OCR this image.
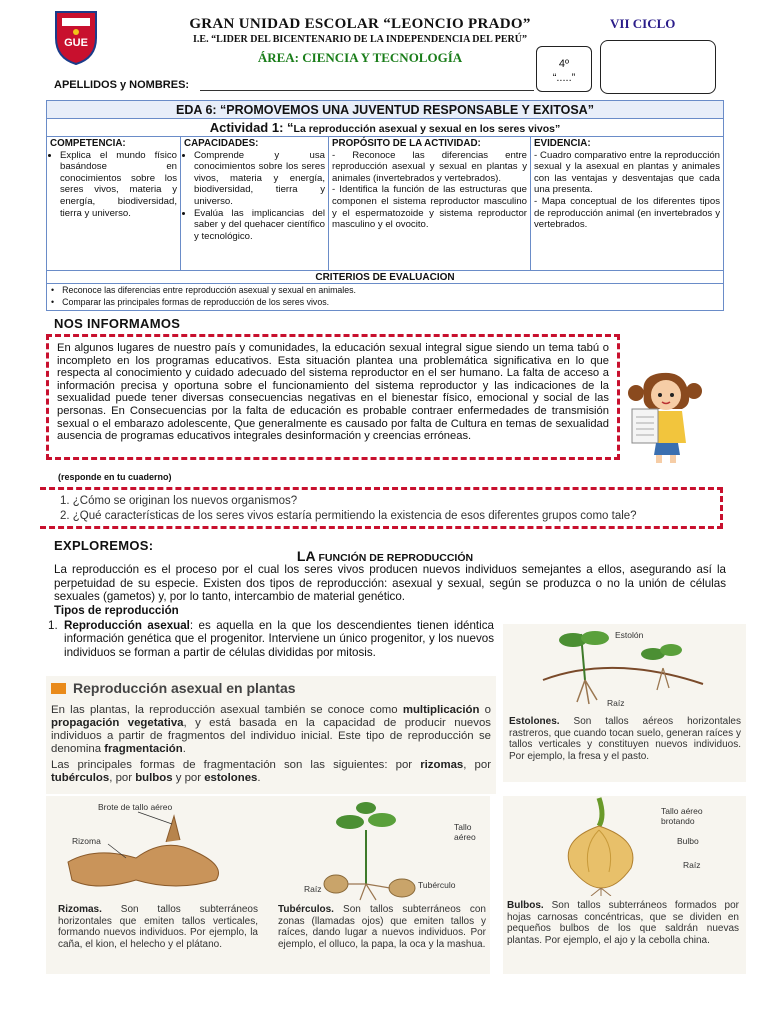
GUE
GRAN UNIDAD ESCOLAR “LEONCIO PRADO”
I.E. “LIDER DEL BICENTENARIO DE LA INDEPENDENCIA DEL PERÚ”
ÁREA: CIENCIA Y TECNOLOGÍA
VII CICLO
4º
“.....”
APELLIDOS y NOMBRES:
EDA 6: “PROMOVEMOS UNA JUVENTUD RESPONSABLE Y EXITOSA”
Actividad 1: “La reproducción asexual y sexual en los seres vivos”
COMPETENCIA:
• Explica el mundo físico basándose en conocimientos sobre los seres vivos, materia y energía, biodiversidad, tierra y universo.
CAPACIDADES:
• Comprende y usa conocimientos sobre los seres vivos, materia y energía, biodiversidad, tierra y universo.
• Evalúa las implicancias del saber y del quehacer científico y tecnológico.
PROPÓSITO DE LA ACTIVIDAD:
- Reconoce las diferencias entre reproducción asexual y sexual en plantas y animales (invertebrados y vertebrados).
- Identifica la función de las estructuras que componen el sistema reproductor masculino y el espermatozoide y sistema reproductor masculino y el ovocito.
EVIDENCIA:
- Cuadro comparativo entre la reproducción sexual y la asexual en plantas y animales con las ventajas y desventajas que cada una presenta.
- Mapa conceptual de los diferentes tipos de reproducción animal (en invertebrados y vertebrados.
CRITERIOS DE EVALUACION
• Reconoce las diferencias entre reproducción asexual y sexual en animales.
• Comparar las principales formas de reproducción de los seres vivos.
NOS INFORMAMOS
En algunos lugares de nuestro país y comunidades, la educación sexual integral sigue siendo un tema tabú o incompleto en los programas educativos. Esta situación plantea una problemática significativa en lo que respecta al conocimiento y cuidado adecuado del sistema reproductor en el ser humano. La falta de acceso a información precisa y oportuna sobre el funcionamiento del sistema reproductor y las indicaciones de la sexualidad puede tener diversas consecuencias negativas en el bienestar físico, emocional y social de las personas. En Consecuencias por la falta de educación es probable contraer enfermedades de transmisión sexual o el embarazo adolescente, Que generalmente es causado por falta de Cultura en temas de sexualidad ausencia de programas educativos integrales desinformación y creencias erróneas.
(responde en tu cuaderno)
1. ¿Cómo se originan los nuevos organismos?
2. ¿Qué características de los seres vivos estaría permitiendo la existencia de esos diferentes grupos como tale?
EXPLOREMOS:
LA FUNCIÓN DE REPRODUCCIÓN
La reproducción es el proceso por el cual los seres vivos producen nuevos individuos semejantes a ellos, asegurando así la perpetuidad de su especie. Existen dos tipos de reproducción: asexual y sexual, según se produzca o no la unión de células sexuales (gametos) y, por lo tanto, intercambio de material genético.
Tipos de reproducción
1. Reproducción asexual: es aquella en la que los descendientes tienen idéntica información genética que el progenitor. Interviene un único progenitor, y los nuevos individuos se forman a partir de células divididas por mitosis.
Estolón
Raíz
Estolones. Son tallos aéreos horizontales rastreros, que cuando tocan suelo, generan raíces y tallos verticales y constituyen nuevos individuos. Por ejemplo, la fresa y el pasto.
Reproducción asexual en plantas

En las plantas, la reproducción asexual también se conoce como multiplicación o propagación vegetativa, y está basada en la capacidad de producir nuevos individuos a partir de fragmentos del individuo inicial. Este tipo de reproducción se denomina fragmentación.

Las principales formas de fragmentación son las siguientes: por rizomas, por tubérculos, por bulbos y por estolones.

Brote de tallo aéreo
Rizoma
Tallo aéreo
Raíz	Tubérculo
Rizomas. Son tallos subterráneos horizontales que emiten tallos verticales, formando nuevos individuos. Por ejemplo, la caña, el kion, el helecho y el plátano.
Tubérculos. Son tallos subterráneos con zonas (llamadas ojos) que emiten tallos y raíces, dando lugar a nuevos individuos. Por ejemplo, el olluco, la papa, la oca y la mashua.
Tallo aéreo brotando
Bulbo
Raíz
Bulbos. Son tallos subterráneos formados por hojas carnosas concéntricas, que se dividen en pequeños bulbos de los que saldrán nuevas plantas. Por ejemplo, el ajo y la cebolla china.
